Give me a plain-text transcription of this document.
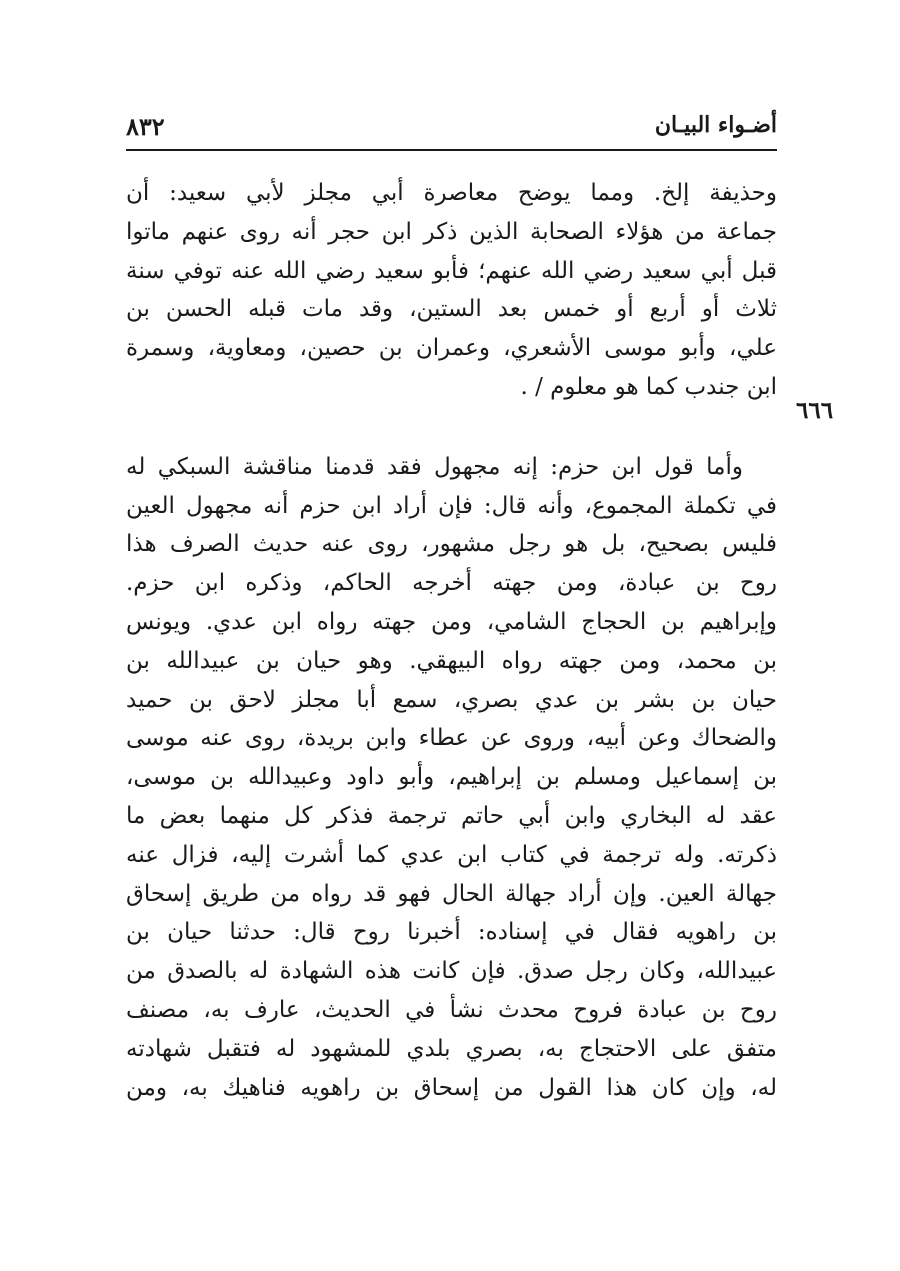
أضـواء البيـان
٨٣٢
٦٦٦
وحذيفة إلخ. ومما يوضح معاصرة أبي مجلز لأبي سعيد: أن
جماعة من هؤلاء الصحابة الذين ذكر ابن حجر أنه روى عنهم ماتوا
قبل أبي سعيد رضي الله عنهم؛ فأبو سعيد رضي الله عنه توفي سنة
ثلاث أو أربع أو خمس بعد الستين، وقد مات قبله الحسن بن
علي، وأبو موسى الأشعري، وعمران بن حصين، ومعاوية، وسمرة
ابن جندب كما هو معلوم / .
وأما قول ابن حزم: إنه مجهول فقد قدمنا مناقشة السبكي له
في تكملة المجموع، وأنه قال: فإن أراد ابن حزم أنه مجهول العين
فليس بصحيح، بل هو رجل مشهور، روى عنه حديث الصرف هذا
روح بن عبادة، ومن جهته أخرجه الحاكم، وذكره ابن حزم.
وإبراهيم بن الحجاج الشامي، ومن جهته رواه ابن عدي. ويونس
بن محمد، ومن جهته رواه البيهقي. وهو حيان بن عبيدالله بن
حيان بن بشر بن عدي بصري، سمع أبا مجلز لاحق بن حميد
والضحاك وعن أبيه، وروى عن عطاء وابن بريدة، روى عنه موسى
بن إسماعيل ومسلم بن إبراهيم، وأبو داود وعبيدالله بن موسى،
عقد له البخاري وابن أبي حاتم ترجمة فذكر كل منهما بعض ما
ذكرته. وله ترجمة في كتاب ابن عدي كما أشرت إليه، فزال عنه
جهالة العين. وإن أراد جهالة الحال فهو قد رواه من طريق إسحاق
بن راهويه فقال في إسناده: أخبرنا روح قال: حدثنا حيان بن
عبيدالله، وكان رجل صدق. فإن كانت هذه الشهادة له بالصدق من
روح بن عبادة فروح محدث نشأ في الحديث، عارف به، مصنف
متفق على الاحتجاج به، بصري بلدي للمشهود له فتقبل شهادته
له، وإن كان هذا القول من إسحاق بن راهويه فناهيك به، ومن
